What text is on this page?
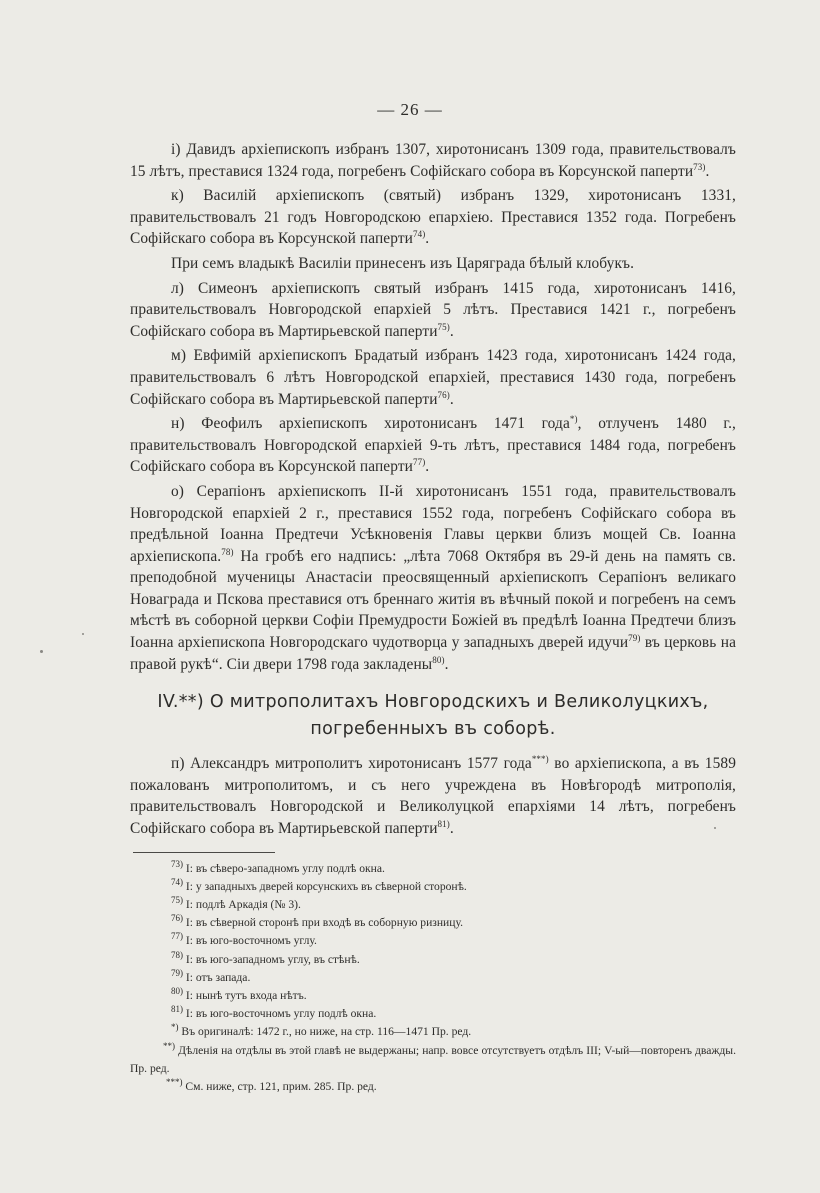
— 26 —

і) Давидъ архіепископъ избранъ 1307, хиротонисанъ 1309 года, правительствовалъ 15 лѣтъ, преставися 1324 года, погребенъ Софійскаго собора въ Корсунской паперти$^{73)}$.

к) Василій архіепископъ (святый) избранъ 1329, хиротонисанъ 1331, правительствовалъ 21 годъ Новгородскою епархіею. Преставися 1352 года. Погребенъ Софійскаго собора въ Корсунской паперти$^{74)}$.

При семъ владыкѣ Василіи принесенъ изъ Царяграда бѣлый клобукъ.

л) Симеонъ архіепископъ святый избранъ 1415 года, хиротонисанъ 1416, правительствовалъ Новгородской епархіей 5 лѣтъ. Преставися 1421 г., погребенъ Софійскаго собора въ Мартирьевской паперти$^{75)}$.

м) Евфимій архіепископъ Брадатый избранъ 1423 года, хиротонисанъ 1424 года, правительствовалъ 6 лѣтъ Новгородской епархіей, преставися 1430 года, погребенъ Софійскаго собора въ Мартирьевской паперти$^{76)}$.

н) Феофилъ архіепископъ хиротонисанъ 1471 года*), отлученъ 1480 г., правительствовалъ Новгородской епархіей 9-ть лѣтъ, преставися 1484 года, погребенъ Софійскаго собора въ Корсунской паперти$^{77)}$.

о) Серапіонъ архіепископъ ІІ-й хиротонисанъ 1551 года, правительствовалъ Новгородской епархіей 2 г., преставися 1552 года, погребенъ Софійскаго собора въ предѣльной Іоанна Предтечи Усѣкновенія Главы церкви близъ мощей Св. Іоанна архіепископа.$^{78)}$ На гробѣ его надпись: „лѣта 7068 Октября въ 29-й день на память св. преподобной мученицы Анастасіи преосвященный архіепископъ Серапіонъ великаго Новаграда и Пскова преставися отъ бреннаго житія въ вѣчный покой и погребенъ на семъ мѣстѣ въ соборной церкви Софіи Премудрости Божіей въ предѣлѣ Іоанна Предтечи близъ Іоанна архіепископа Новгородскаго чудотворца у западныхъ дверей идучи$^{79)}$ въ церковь на правой рукѣ“. Сіи двери 1798 года закладены$^{80)}$.

IV.**) О митрополитахъ Новгородскихъ и Великолуцкихъ,
погребенныхъ въ соборѣ.

п) Александръ митрополитъ хиротонисанъ 1577 года***) во архіепископа, а въ 1589 пожалованъ митрополитомъ, и съ него учреждена въ Новѣгородѣ митрополія, правительствовалъ Новгородской и Великолуцкой епархіями 14 лѣтъ, погребенъ Софійскаго собора въ Мартирьевской паперти$^{81)}$.

$^{73)}$ І: въ сѣверо-западномъ углу подлѣ окна.

$^{74)}$ І: у западныхъ дверей корсунскихъ въ сѣверной сторонѣ.

$^{75)}$ І: подлѣ Аркадія (№ 3).

$^{76)}$ І: въ сѣверной сторонѣ при входѣ въ соборную ризницу.

$^{77)}$ І: въ юго-восточномъ углу.

$^{78)}$ І: въ юго-западномъ углу, въ стѣнѣ.

$^{79)}$ І: отъ запада.

$^{80)}$ І: нынѣ тутъ входа нѣтъ.

$^{81)}$ І: въ юго-восточномъ углу подлѣ окна.

*) Въ оригиналѣ: 1472 г., но ниже, на стр. 116—1471 Пр. ред.

**) Дѣленія на отдѣлы въ этой главѣ не выдержаны; напр. вовсе отсутствуетъ отдѣлъ ІІІ; V-ый—повторенъ дважды. Пр. ред.

***) См. ниже, стр. 121, прим. 285. Пр. ред.
